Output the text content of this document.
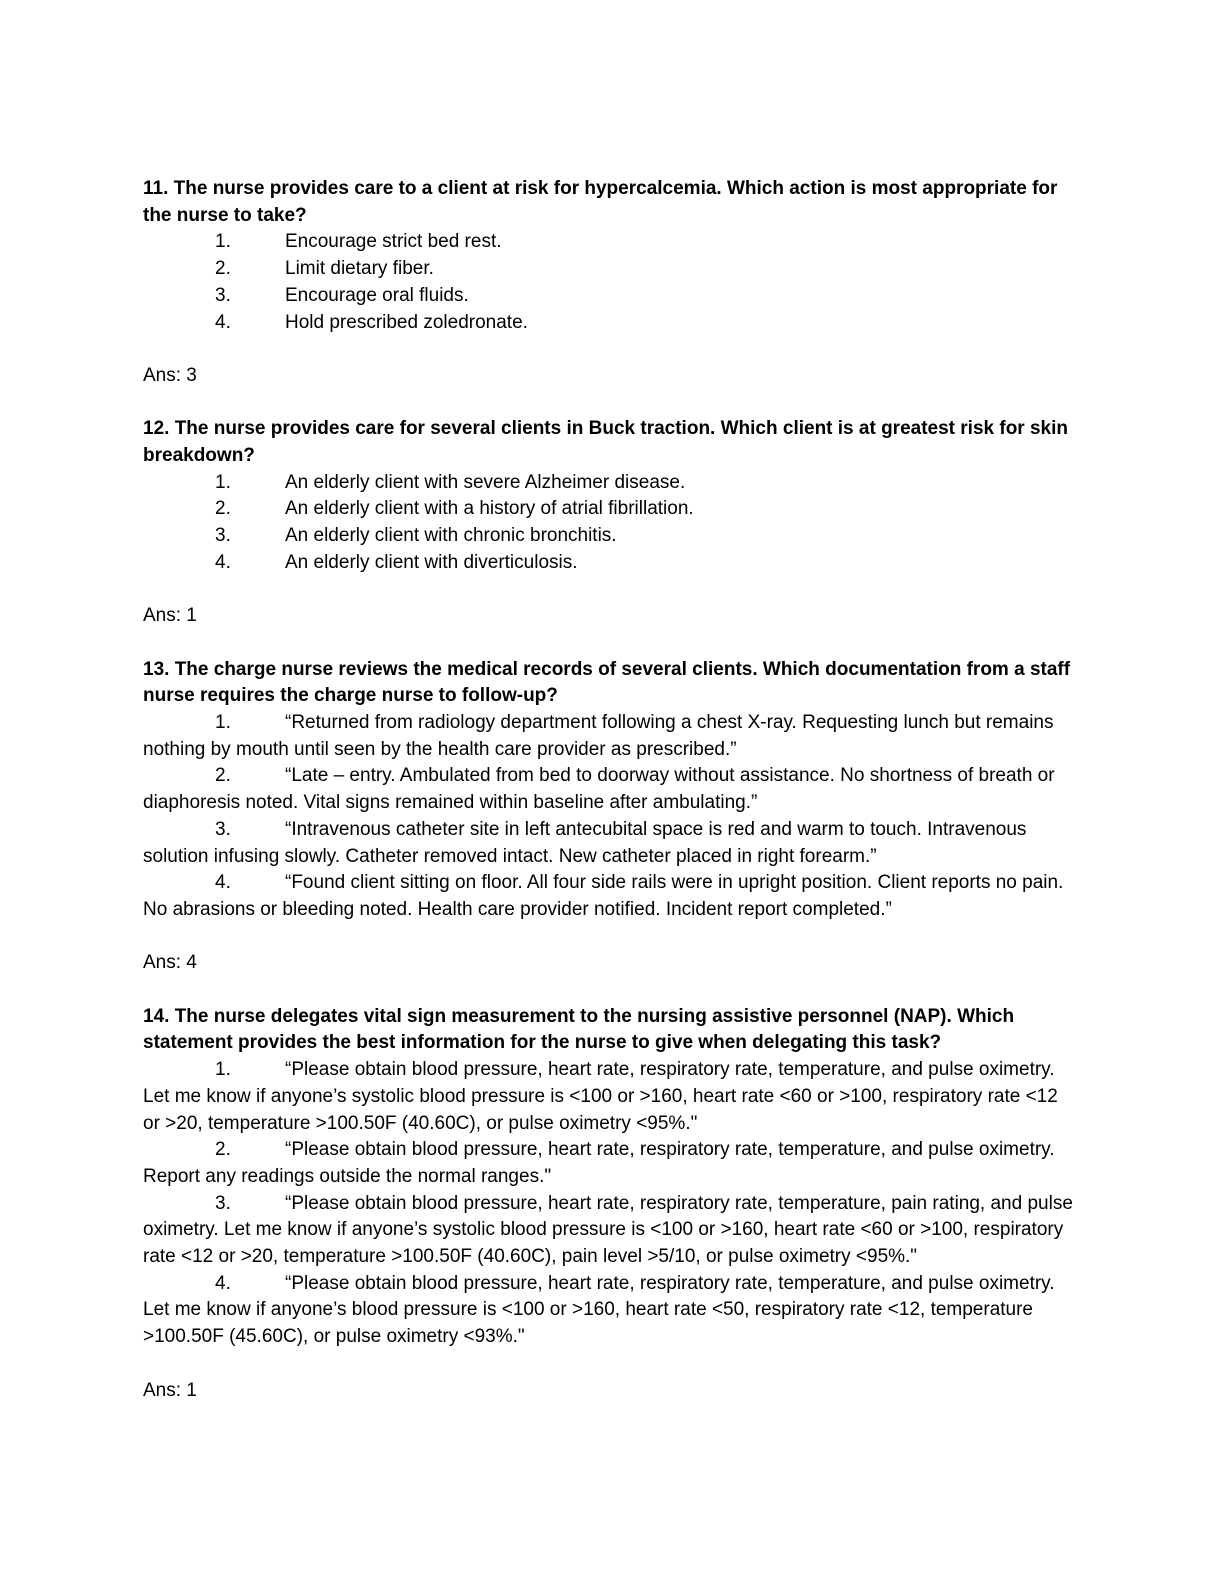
11. The nurse provides care to a client at risk for hypercalcemia. Which action is most appropriate for the nurse to take?

1.	Encourage strict bed rest.
2.	Limit dietary fiber.
3.	Encourage oral fluids.
4.	Hold prescribed zoledronate.

Ans: 3

12. The nurse provides care for several clients in Buck traction. Which client is at greatest risk for skin breakdown?

1.	An elderly client with severe Alzheimer disease.
2.	An elderly client with a history of atrial fibrillation.
3.	An elderly client with chronic bronchitis.
4.	An elderly client with diverticulosis.

Ans: 1

13. The charge nurse reviews the medical records of several clients. Which documentation from a staff nurse requires the charge nurse to follow-up?

1.	“Returned from radiology department following a chest X-ray. Requesting lunch but remains nothing by mouth until seen by the health care provider as prescribed.”
2.	“Late – entry. Ambulated from bed to doorway without assistance. No shortness of breath or diaphoresis noted. Vital signs remained within baseline after ambulating.”
3.	“Intravenous catheter site in left antecubital space is red and warm to touch. Intravenous solution infusing slowly. Catheter removed intact. New catheter placed in right forearm.”
4.	“Found client sitting on floor. All four side rails were in upright position. Client reports no pain. No abrasions or bleeding noted. Health care provider notified. Incident report completed.”

Ans: 4

14. The nurse delegates vital sign measurement to the nursing assistive personnel (NAP). Which statement provides the best information for the nurse to give when delegating this task?

1.	“Please obtain blood pressure, heart rate, respiratory rate, temperature, and pulse oximetry. Let me know if anyone’s systolic blood pressure is <100 or >160, heart rate <60 or >100, respiratory rate <12 or >20, temperature >100.50F (40.60C), or pulse oximetry <95%."
2.	“Please obtain blood pressure, heart rate, respiratory rate, temperature, and pulse oximetry. Report any readings outside the normal ranges."
3.	“Please obtain blood pressure, heart rate, respiratory rate, temperature, pain rating, and pulse oximetry. Let me know if anyone’s systolic blood pressure is <100 or >160, heart rate <60 or >100, respiratory rate <12 or >20, temperature >100.50F (40.60C), pain level >5/10, or pulse oximetry <95%."
4.	“Please obtain blood pressure, heart rate, respiratory rate, temperature, and pulse oximetry. Let me know if anyone’s blood pressure is <100 or >160, heart rate <50, respiratory rate <12, temperature >100.50F (45.60C), or pulse oximetry <93%."

Ans: 1
